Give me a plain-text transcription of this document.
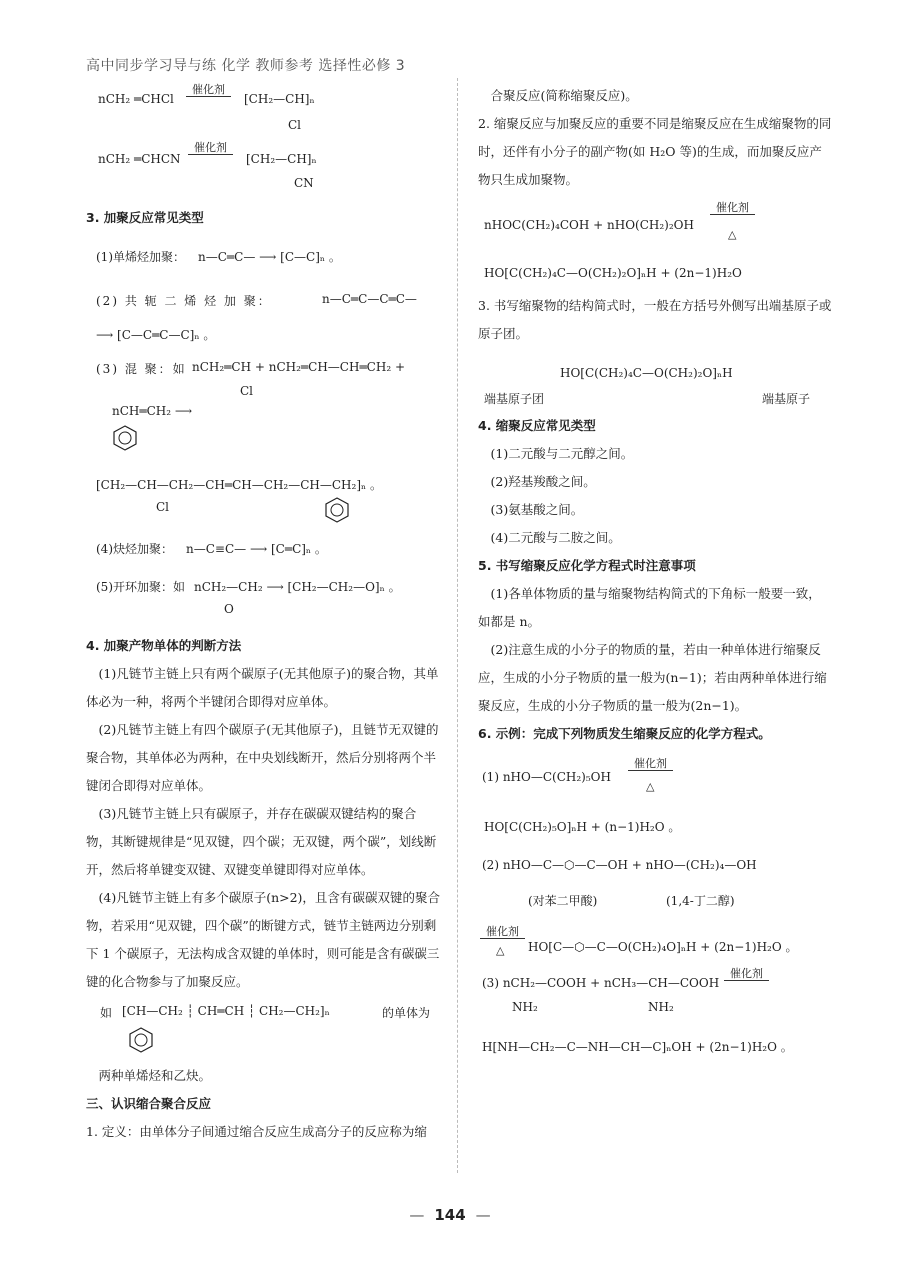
高中同步学习导与练 化学 教师参考 选择性必修 3
nCH₂ ═CHCl
催化剂
[CH₂—CH]ₙ
Cl
nCH₂ ═CHCN
催化剂
[CH₂—CH]ₙ
CN

3. 加聚反应常见类型

(1)单烯烃加聚： n—C═C— ⟶ [C—C]ₙ 。
(2) 共 轭 二 烯 烃 加 聚：	n—C═C—C═C—
⟶ [C—C═C—C]ₙ 。
(3) 混 聚：如 nCH₂═CH + nCH₂═CH—CH═CH₂ +
Cl
nCH═CH₂ ⟶
[CH₂—CH—CH₂—CH═CH—CH₂—CH—CH₂]ₙ 。
Cl
(4)炔烃加聚： n—C≡C— ⟶ [C═C]ₙ 。
(5)开环加聚：如 nCH₂—CH₂ ⟶ [CH₂—CH₂—O]ₙ 。
O

4. 加聚产物单体的判断方法

(1)凡链节主链上只有两个碳原子(无其他原子)的聚合物，其单体必为一种，将两个半键闭合即得对应单体。

(2)凡链节主链上有四个碳原子(无其他原子)，且链节无双键的聚合物，其单体必为两种，在中央划线断开，然后分别将两个半键闭合即得对应单体。

(3)凡链节主链上只有碳原子，并存在碳碳双键结构的聚合物，其断键规律是“见双键，四个碳；无双键，两个碳”，划线断开，然后将单键变双键、双键变单键即得对应单体。

(4)凡链节主链上有多个碳原子(n>2)，且含有碳碳双键的聚合物，若采用“见双键，四个碳”的断键方式，链节主链两边分别剩下 1 个碳原子，无法构成含双键的单体时，则可能是含有碳碳三键的化合物参与了加聚反应。

如 [CH—CH₂ ┆ CH═CH ┆ CH₂—CH₂]ₙ	的单体为

两种单烯烃和乙炔。

三、认识缩合聚合反应

1. 定义：由单体分子间通过缩合反应生成高分子的反应称为缩

合聚反应(简称缩聚反应)。

2. 缩聚反应与加聚反应的重要不同是缩聚反应在生成缩聚物的同时，还伴有小分子的副产物(如 H₂O 等)的生成，而加聚反应产物只生成加聚物。

nHOC(CH₂)₄COH + nHO(CH₂)₂OH
催化剂
△
HO[C(CH₂)₄C—O(CH₂)₂O]ₙH + (2n−1)H₂O

3. 书写缩聚物的结构简式时，一般在方括号外侧写出端基原子或原子团。

HO[C(CH₂)₄C—O(CH₂)₂O]ₙH
端基原子团	端基原子

4. 缩聚反应常见类型

(1)二元酸与二元醇之间。

(2)羟基羧酸之间。

(3)氨基酸之间。

(4)二元酸与二胺之间。

5. 书写缩聚反应化学方程式时注意事项

(1)各单体物质的量与缩聚物结构简式的下角标一般要一致，如都是 n。

(2)注意生成的小分子的物质的量，若由一种单体进行缩聚反应，生成的小分子物质的量一般为(n−1)；若由两种单体进行缩聚反应，生成的小分子物质的量一般为(2n−1)。

6. 示例：完成下列物质发生缩聚反应的化学方程式。

(1) nHO—C(CH₂)₅OH
催化剂
△
HO[C(CH₂)₅O]ₙH + (n−1)H₂O 。
(2) nHO—C—⬡—C—OH + nHO—(CH₂)₄—OH
(对苯二甲酸)	(1,4-丁二醇)
催化剂
△ HO[C—⬡—C—O(CH₂)₄O]ₙH + (2n−1)H₂O 。
(3) nCH₂—COOH + nCH₃—CH—COOH
催化剂
NH₂	NH₂
H[NH—CH₂—C—NH—CH—C]ₙOH + (2n−1)H₂O 。
— 144 —
